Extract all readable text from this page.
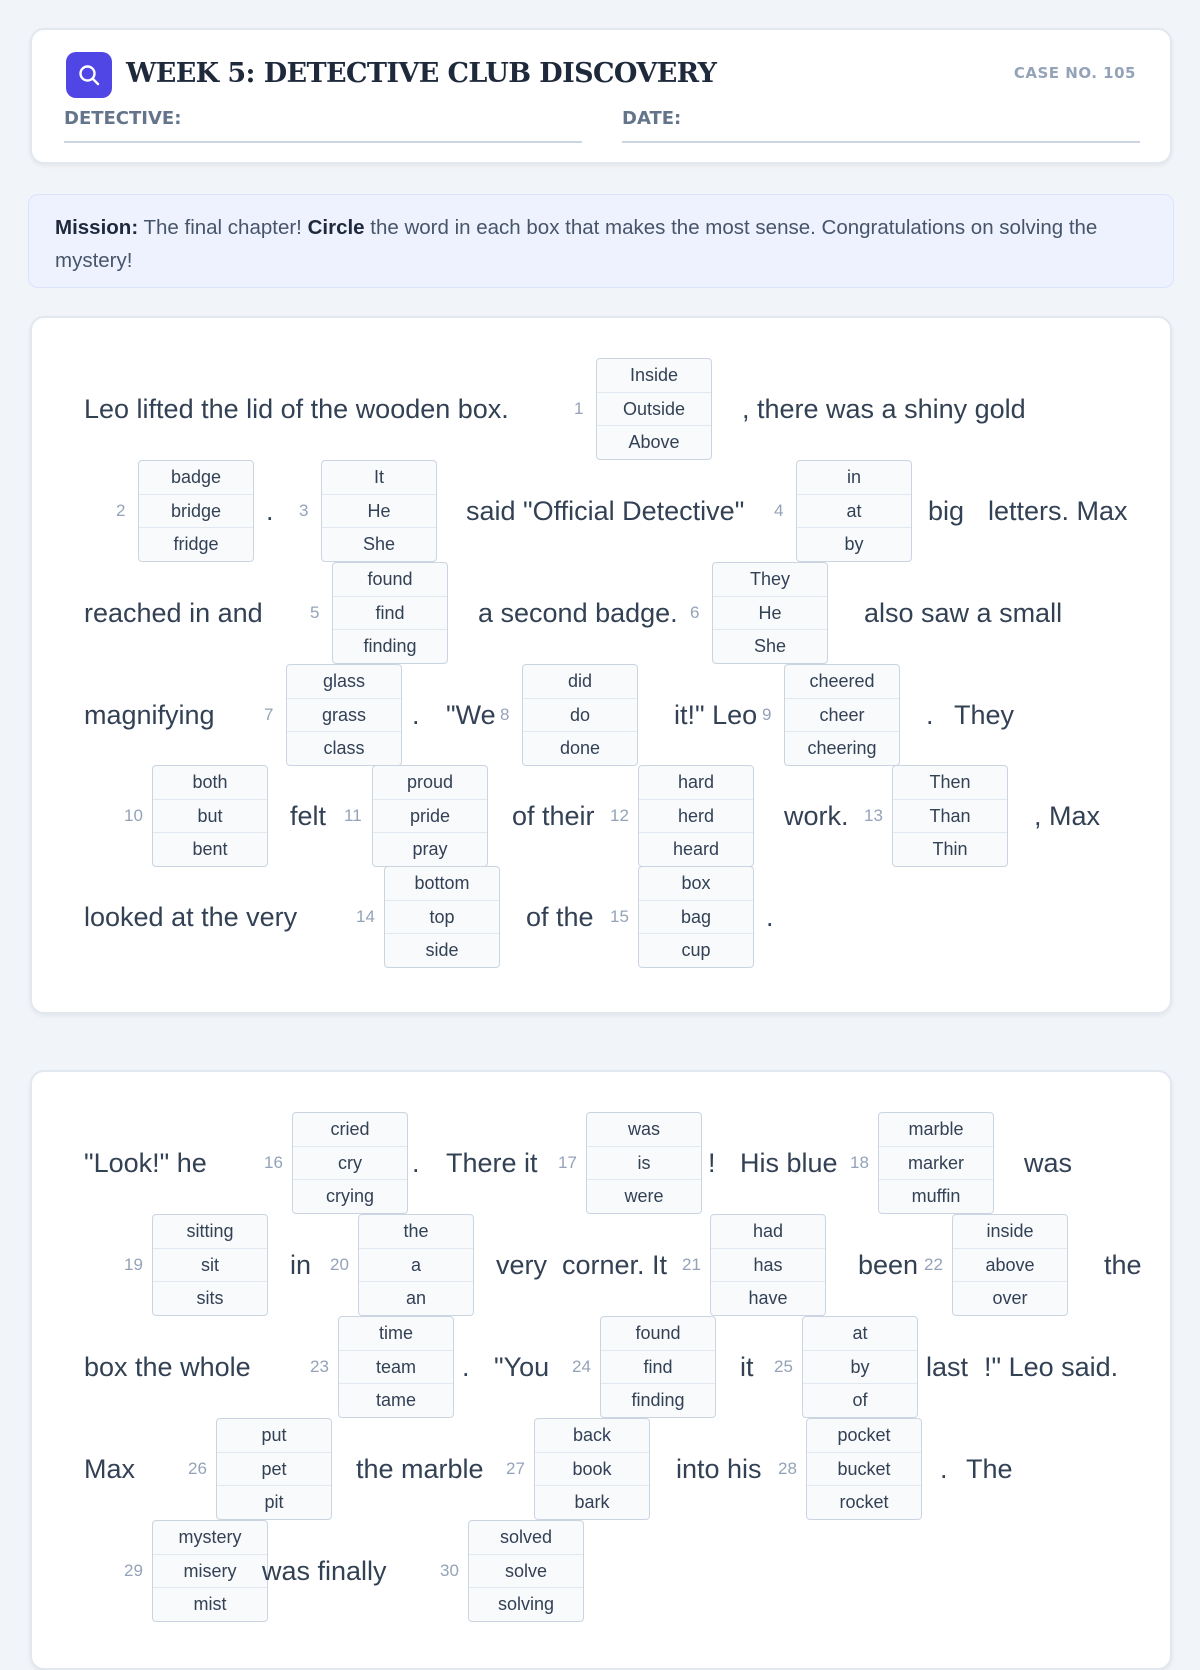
WEEK 5: DETECTIVE CLUB DISCOVERY	CASE NO. 105
DETECTIVE:	DATE:
Mission: The final chapter! Circle the word in each box that makes the most sense. Congratulations on solving the mystery!
Leo lifted the lid of the wooden box.	1
Inside
Outside
Above
, there was a shiny gold
2
badge
bridge
fridge
. 3
It
He
She
said "Official Detective" 4
in
at
by
big letters. Max
reached in and	5
found
find
finding
a second badge. 6
They
He
She
also saw a small
magnifying	7
glass
grass
class
. "We 8
did
do
done
it!" Leo 9
cheered
cheer
cheering
. They
10
both
but
bent
felt 11
proud
pride
pray
of their 12
hard
herd
heard
work. 13
Then
Than
Thin
, Max
looked at the very	14
bottom
top
side
of the 15
box
bag
cup
.
"Look!" he	16
cried
cry
crying
. There it 17
was
is
were
! His blue 18
marble
marker
muffin
was
19
sitting
sit
sits
in 20
the
a
an
very corner. It 21
had
has
have
been 22
inside
above
over
the
box the whole	23
time
team
tame
. "You 24
found
find
finding
it 25
at
by
of
last !" Leo said.
Max	26
put
pet
pit
the marble 27
back
book
bark
into his 28
pocket
bucket
rocket
. The
29
mystery
misery
mist
was finally	30
solved
solve
solving
